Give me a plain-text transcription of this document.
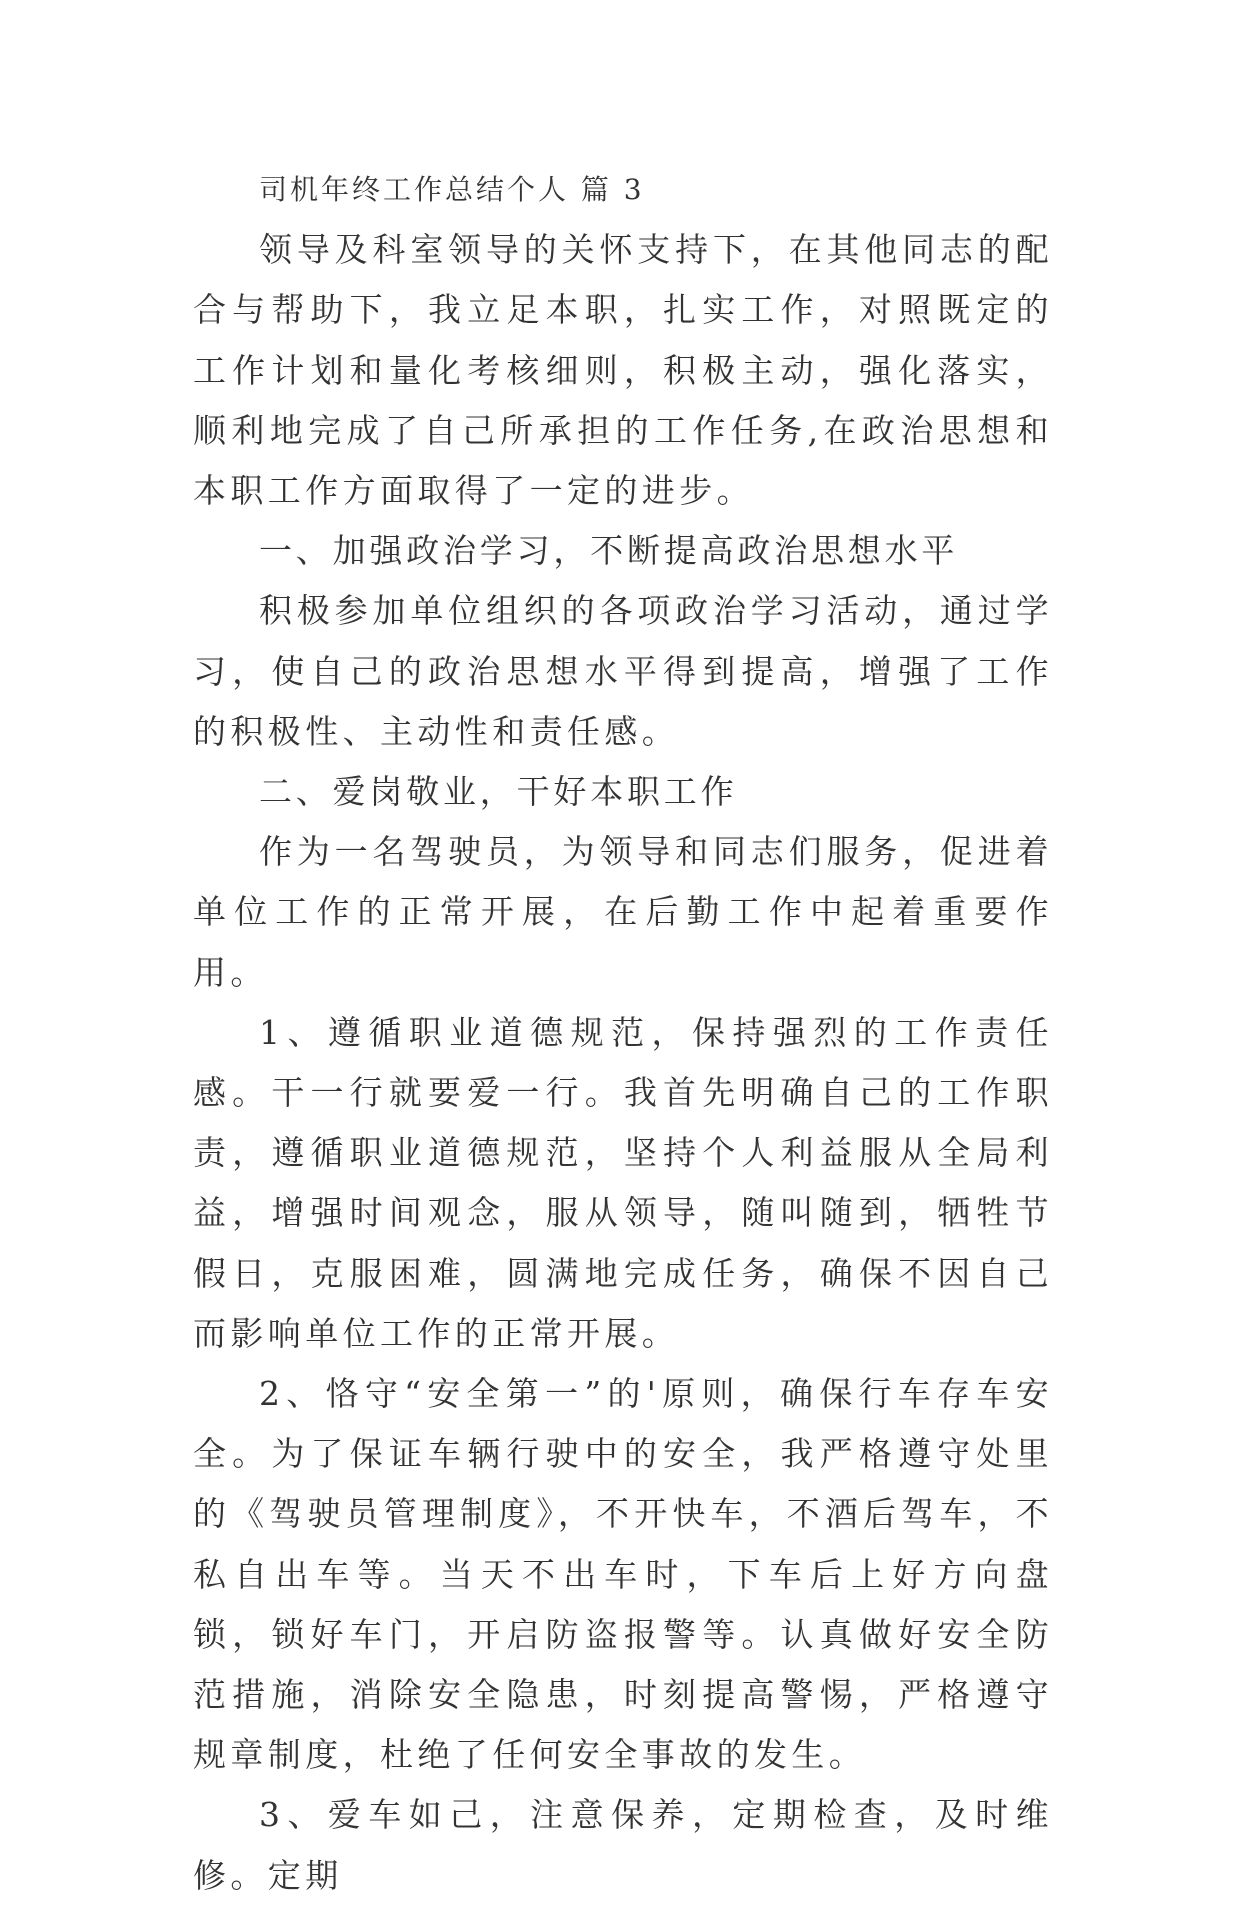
司机年终工作总结个人 篇 3

领导及科室领导的关怀支持下，在其他同志的配合与帮助下，我立足本职，扎实工作，对照既定的工作计划和量化考核细则，积极主动，强化落实，顺利地完成了自己所承担的工作任务,在政治思想和本职工作方面取得了一定的进步。

一、加强政治学习，不断提高政治思想水平

积极参加单位组织的各项政治学习活动，通过学习，使自己的政治思想水平得到提高，增强了工作的积极性、主动性和责任感。

二、爱岗敬业，干好本职工作

作为一名驾驶员，为领导和同志们服务，促进着单位工作的正常开展，在后勤工作中起着重要作用。

1、遵循职业道德规范，保持强烈的工作责任感。干一行就要爱一行。我首先明确自己的工作职责，遵循职业道德规范，坚持个人利益服从全局利益，增强时间观念，服从领导，随叫随到，牺牲节假日，克服困难，圆满地完成任务，确保不因自己而影响单位工作的正常开展。

2、恪守“安全第一”的'原则，确保行车存车安全。为了保证车辆行驶中的安全，我严格遵守处里的《驾驶员管理制度》，不开快车，不酒后驾车，不私自出车等。当天不出车时，下车后上好方向盘锁，锁好车门，开启防盗报警等。认真做好安全防范措施，消除安全隐患，时刻提高警惕，严格遵守规章制度，杜绝了任何安全事故的发生。

3、爱车如己，注意保养，定期检查，及时维修。定期
